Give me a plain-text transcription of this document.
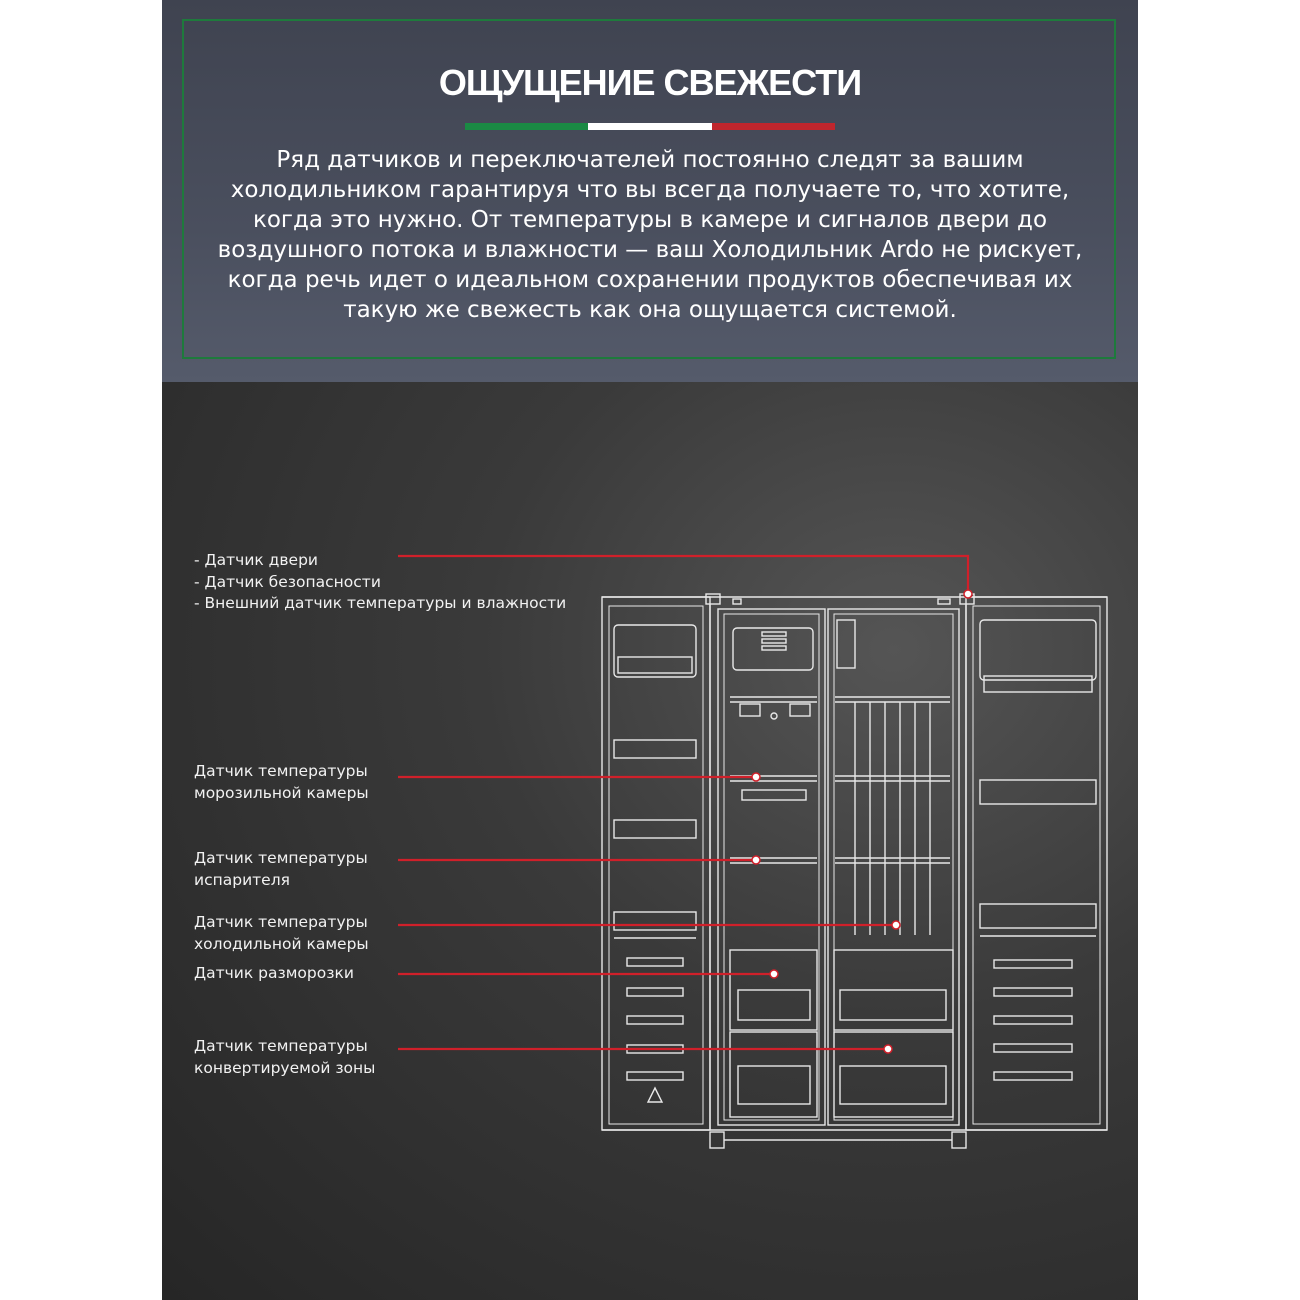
ОЩУЩЕНИЕ СВЕЖЕСТИ
Ряд датчиков и переключателей постоянно следят за вашим
холодильником гарантируя что вы всегда получаете то, что хотите,
когда это нужно. От температуры в камере и сигналов двери до
воздушного потока и влажности — ваш Холодильник Ardo не рискует,
когда речь идет о идеальном сохранении продуктов обеспечивая их
такую же свежесть как она ощущается системой.
- Датчик двери
- Датчик безопасности
- Внешний датчик температуры и влажности
Датчик температуры
морозильной камеры
Датчик температуры
испарителя
Датчик температуры
холодильной камеры
Датчик разморозки
Датчик температуры
конвертируемой зоны
